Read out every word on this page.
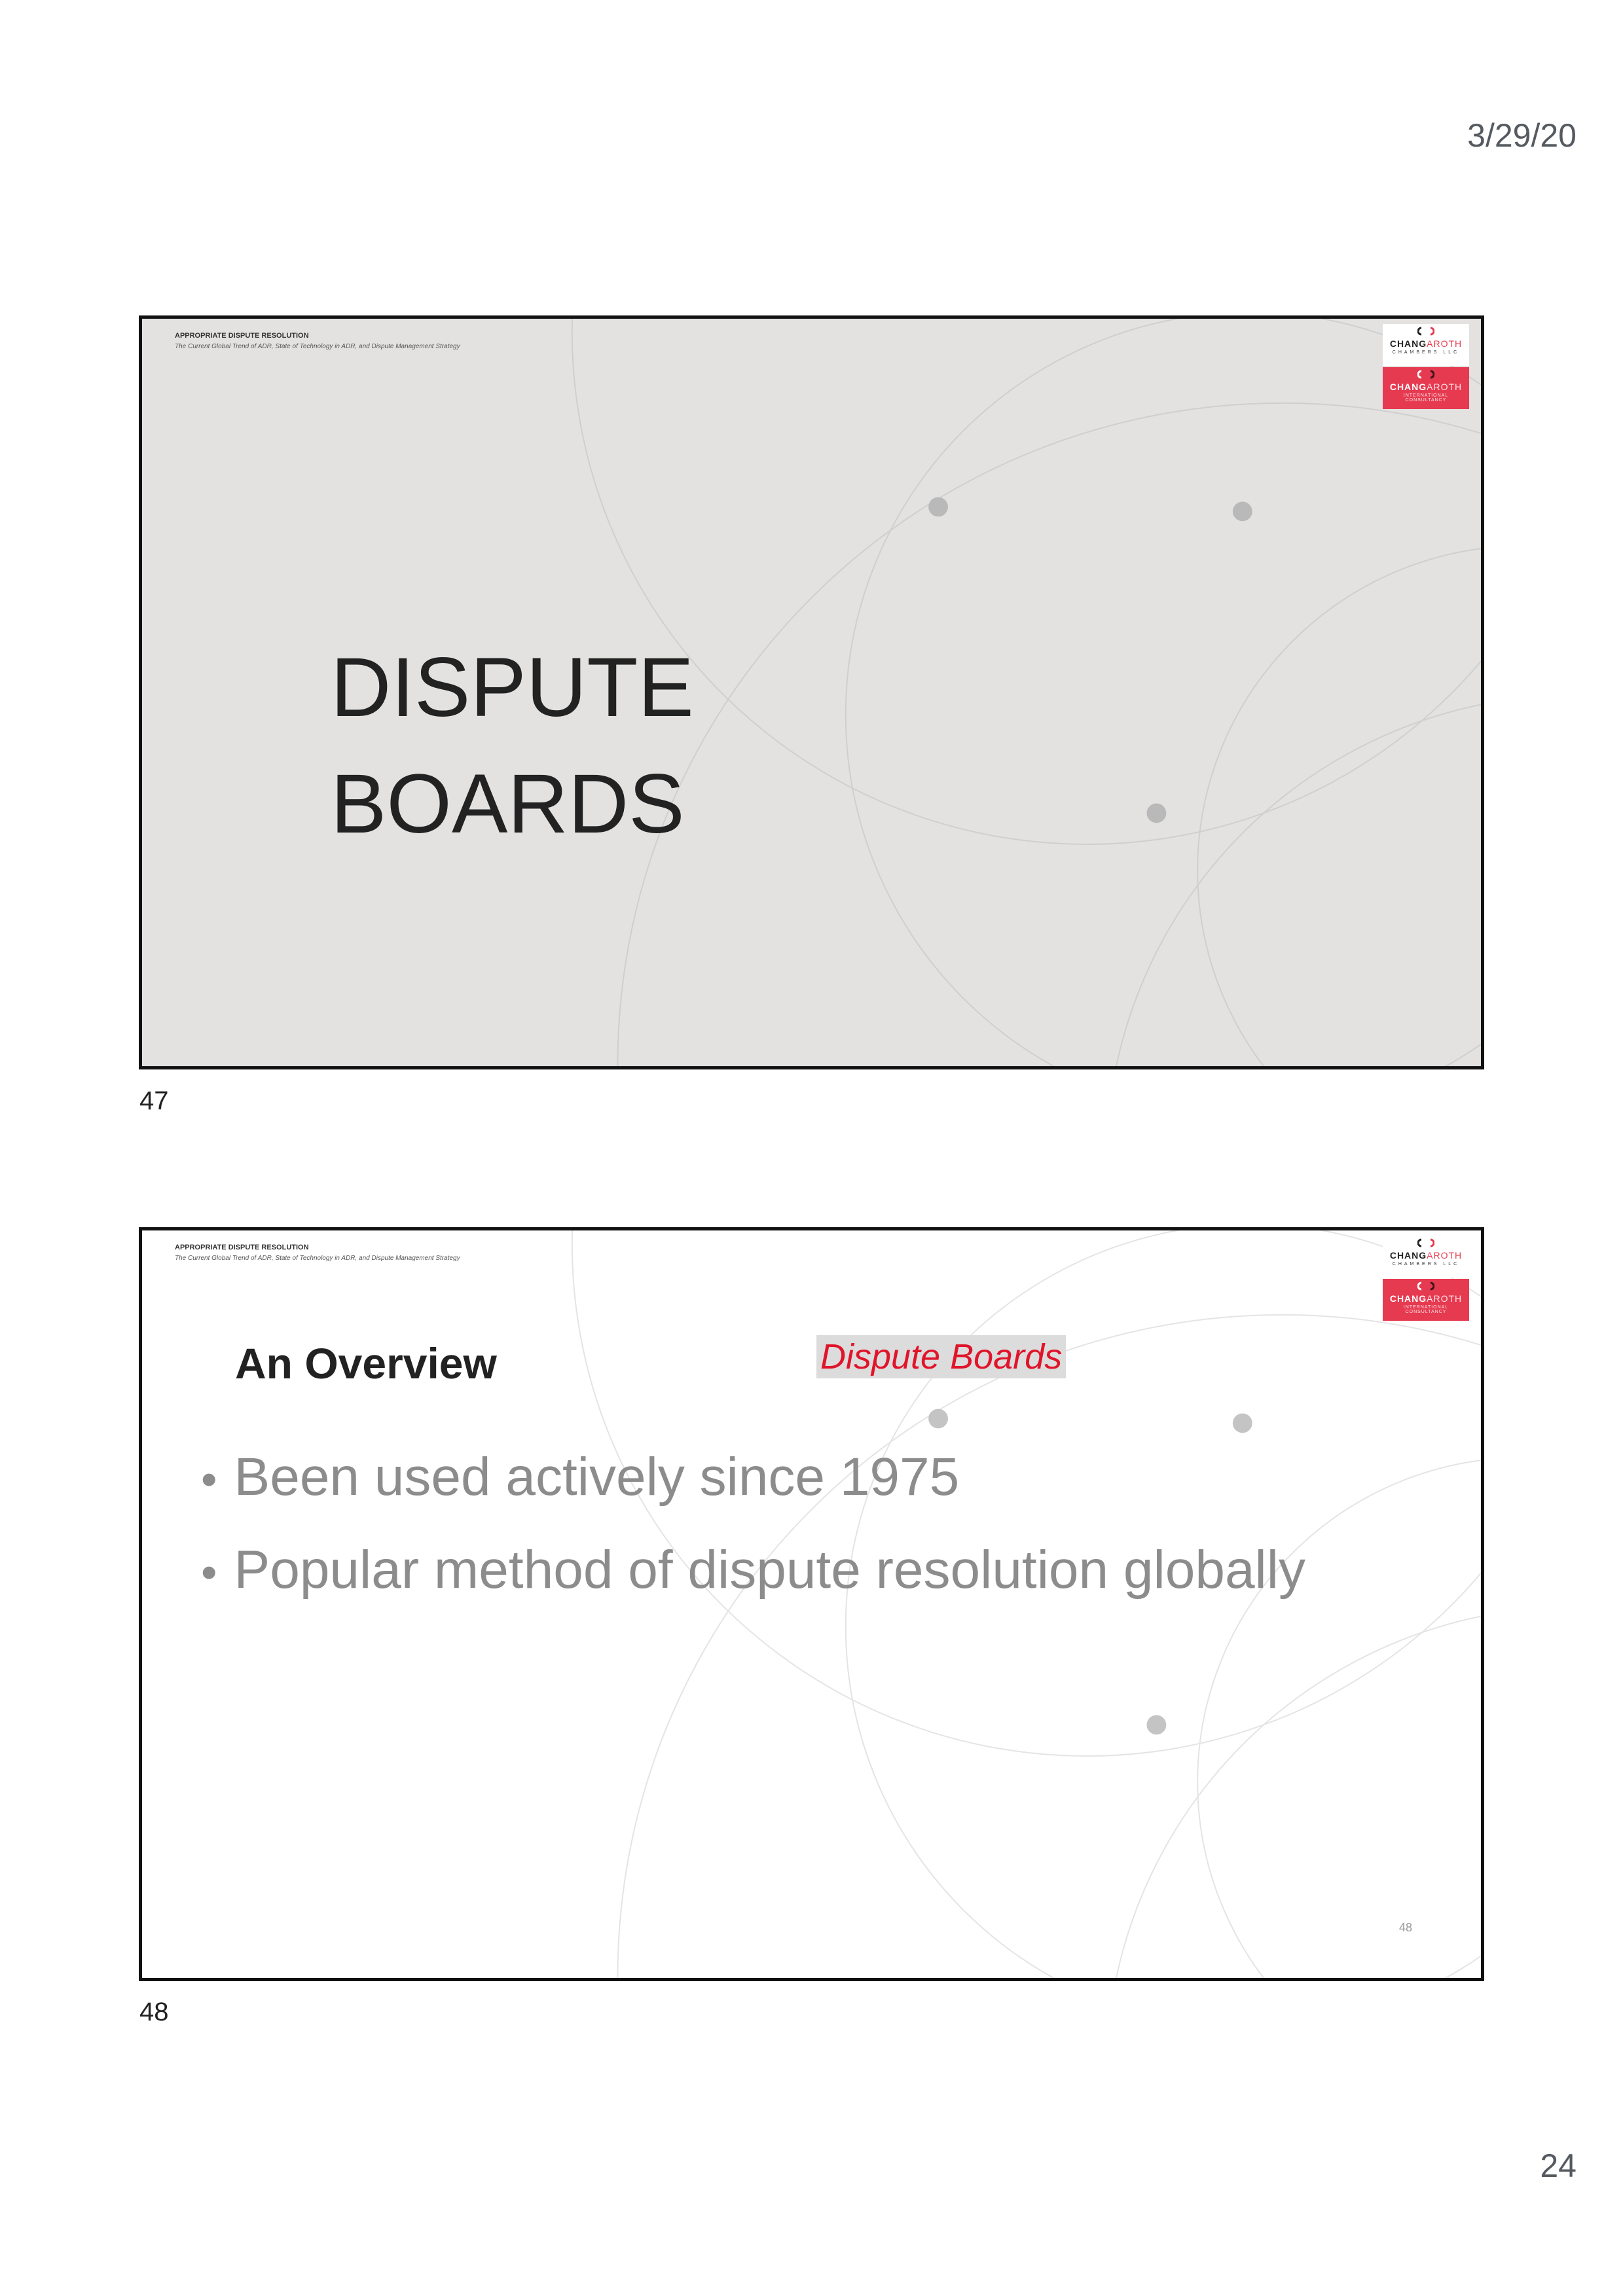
3/29/20
APPROPRIATE DISPUTE RESOLUTION
The Current Global Trend of ADR, State of Technology in ADR, and Dispute Management Strategy	CHANGAROTH
CHAMBERS LLC
CHANGAROTH
INTERNATIONAL CONSULTANCY
DISPUTE
BOARDS
47
APPROPRIATE DISPUTE RESOLUTION
The Current Global Trend of ADR, State of Technology in ADR, and Dispute Management Strategy	CHANGAROTH
CHAMBERS LLC
CHANGAROTH
INTERNATIONAL CONSULTANCY
An Overview	Dispute Boards
• Been used actively since 1975
• Popular method of dispute resolution globally
48
48
24
